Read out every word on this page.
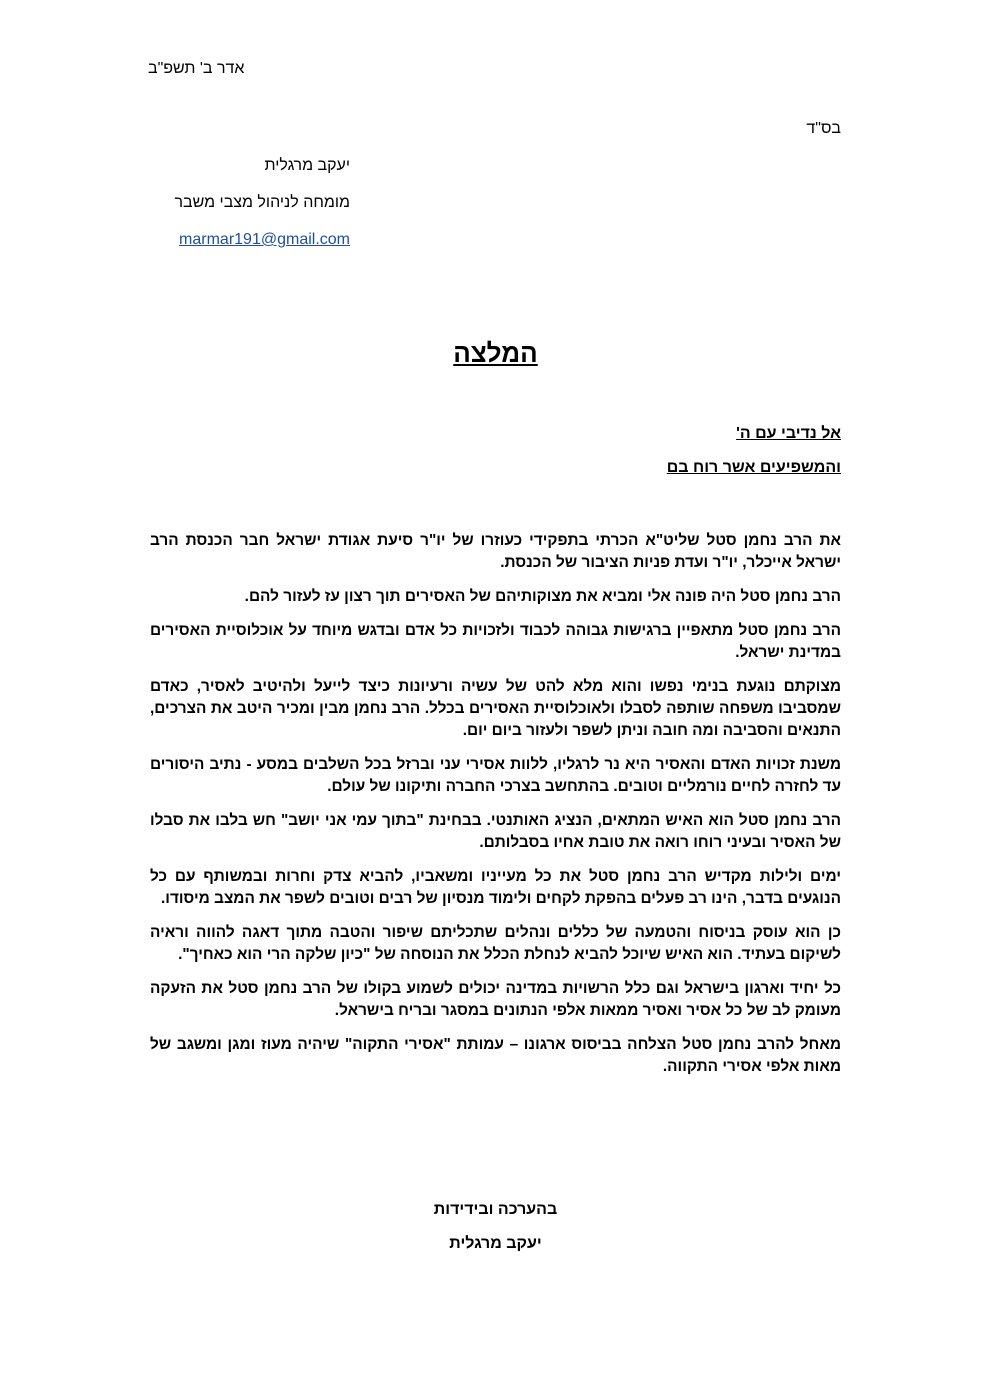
אדר ב' תשפ"ב
בס"ד
יעקב מרגלית
מומחה לניהול מצבי משבר
marmar191@gmail.com
המלצה
אל נדיבי עם ה'
והמשפיעים אשר רוח בם

את הרב נחמן סטל שליט"א הכרתי בתפקידי כעוזרו של יו"ר סיעת אגודת ישראל חבר הכנסת הרב ישראל אייכלר, יו"ר ועדת פניות הציבור של הכנסת.

הרב נחמן סטל היה פונה אלי ומביא את מצוקותיהם של האסירים תוך רצון עז לעזור להם.

הרב נחמן סטל מתאפיין ברגישות גבוהה לכבוד ולזכויות כל אדם ובדגש מיוחד על אוכלוסיית האסירים במדינת ישראל.

מצוקתם נוגעת בנימי נפשו והוא מלא להט של עשיה ורעיונות כיצד לייעל ולהיטיב לאסיר, כאדם שמסביבו משפחה שותפה לסבלו ולאוכלוסיית האסירים בכלל. הרב נחמן מבין ומכיר היטב את הצרכים, התנאים והסביבה ומה חובה וניתן לשפר ולעזור ביום יום.

משנת זכויות האדם והאסיר היא נר לרגליו, ללוות אסירי עני וברזל בכל השלבים במסע - נתיב היסורים עד לחזרה לחיים נורמליים וטובים. בהתחשב בצרכי החברה ותיקונו של עולם.

הרב נחמן סטל הוא האיש המתאים, הנציג האותנטי. בבחינת "בתוך עמי אני יושב" חש בלבו את סבלו של האסיר ובעיני רוחו רואה את טובת אחיו בסבלותם.

ימים ולילות מקדיש הרב נחמן סטל את כל מעייניו ומשאביו, להביא צדק וחרות ובמשותף עם כל הנוגעים בדבר, הינו רב פעלים בהפקת לקחים ולימוד מנסיון של רבים וטובים לשפר את המצב מיסודו.

כן הוא עוסק בניסוח והטמעה של כללים ונהלים שתכליתם שיפור והטבה מתוך דאגה להווה וראיה לשיקום בעתיד. הוא האיש שיוכל להביא לנחלת הכלל את הנוסחה של "כיון שלקה הרי הוא כאחיך".

כל יחיד וארגון בישראל וגם כלל הרשויות במדינה יכולים לשמוע בקולו של הרב נחמן סטל את הזעקה מעומק לב של כל אסיר ואסיר ממאות אלפי הנתונים במסגר ובריח בישראל.

מאחל להרב נחמן סטל הצלחה בביסוס ארגונו – עמותת "אסירי התקוה" שיהיה מעוז ומגן ומשגב של מאות אלפי אסירי התקווה.

בהערכה ובידידות
יעקב מרגלית
